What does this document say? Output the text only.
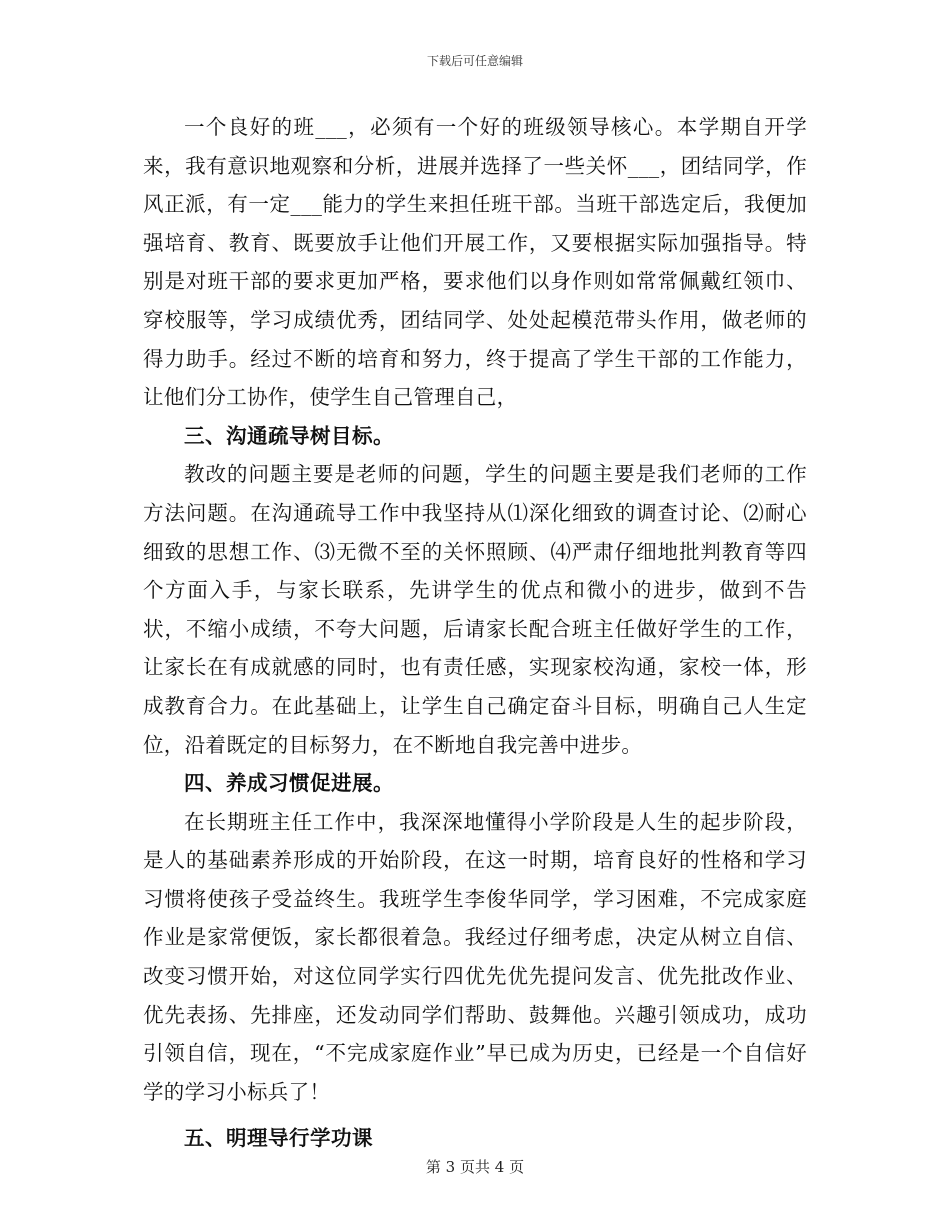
下载后可任意编辑

一个良好的班___，必须有一个好的班级领导核心。本学期自开学来，我有意识地观察和分析，进展并选择了一些关怀___，团结同学，作风正派，有一定___能力的学生来担任班干部。当班干部选定后，我便加强培育、教育、既要放手让他们开展工作，又要根据实际加强指导。特别是对班干部的要求更加严格，要求他们以身作则如常常佩戴红领巾、穿校服等，学习成绩优秀，团结同学、处处起模范带头作用，做老师的得力助手。经过不断的培育和努力，终于提高了学生干部的工作能力，让他们分工协作，使学生自己管理自己，

三、沟通疏导树目标。

教改的问题主要是老师的问题，学生的问题主要是我们老师的工作方法问题。在沟通疏导工作中我坚持从⑴深化细致的调查讨论、⑵耐心细致的思想工作、⑶无微不至的关怀照顾、⑷严肃仔细地批判教育等四个方面入手，与家长联系，先讲学生的优点和微小的进步，做到不告状，不缩小成绩，不夸大问题，后请家长配合班主任做好学生的工作，让家长在有成就感的同时，也有责任感，实现家校沟通，家校一体，形成教育合力。在此基础上，让学生自己确定奋斗目标，明确自己人生定位，沿着既定的目标努力，在不断地自我完善中进步。

四、养成习惯促进展。

在长期班主任工作中，我深深地懂得小学阶段是人生的起步阶段，是人的基础素养形成的开始阶段，在这一时期，培育良好的性格和学习习惯将使孩子受益终生。我班学生李俊华同学，学习困难，不完成家庭作业是家常便饭，家长都很着急。我经过仔细考虑，决定从树立自信、改变习惯开始，对这位同学实行四优先优先提问发言、优先批改作业、优先表扬、先排座，还发动同学们帮助、鼓舞他。兴趣引领成功，成功引领自信，现在，“不完成家庭作业”早已成为历史，已经是一个自信好学的学习小标兵了！

五、明理导行学功课

第 3 页共 4 页
